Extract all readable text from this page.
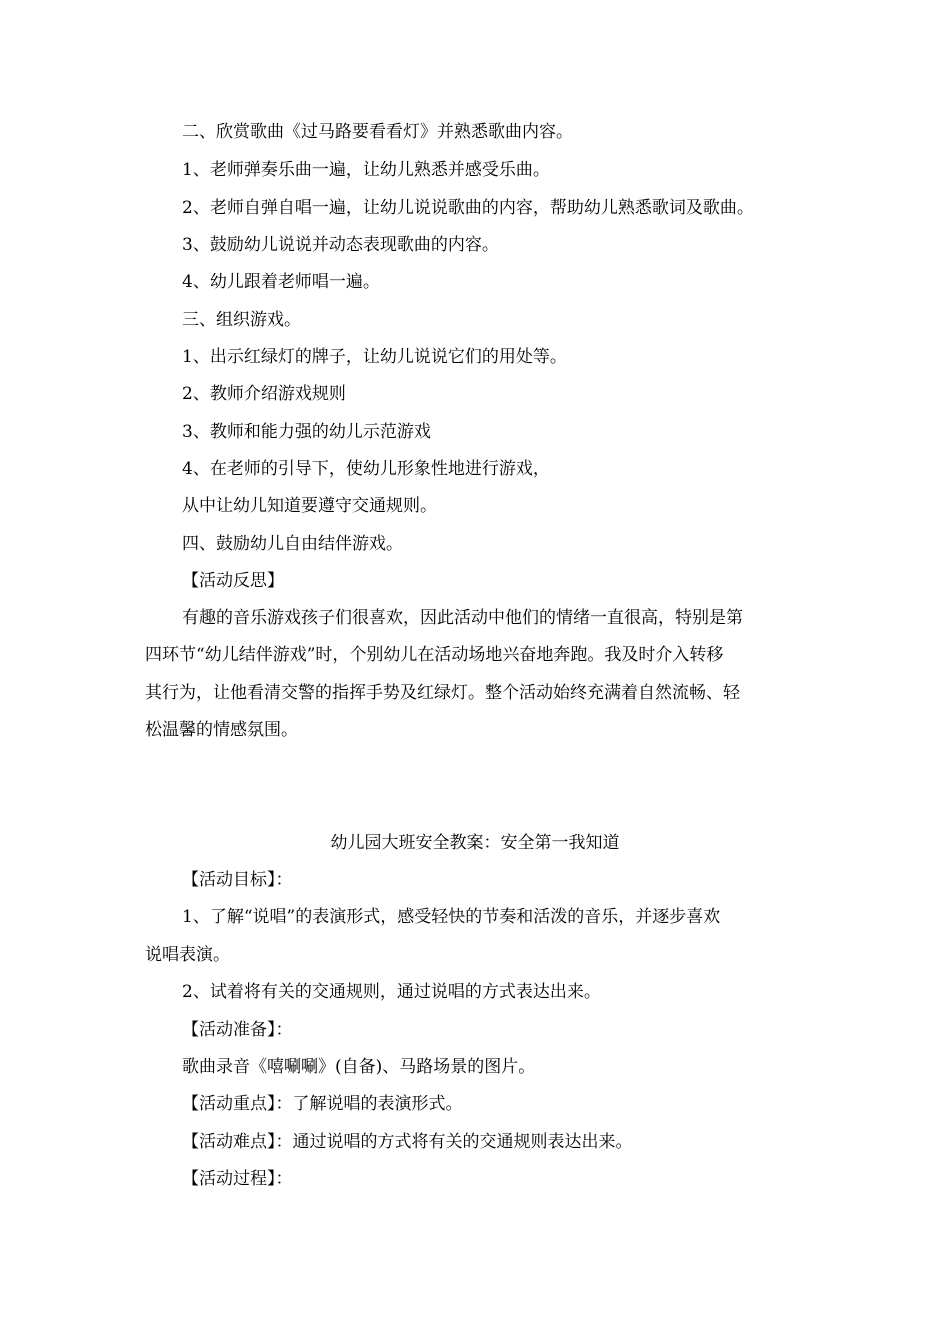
二、欣赏歌曲《过马路要看看灯》并熟悉歌曲内容。
1、老师弹奏乐曲一遍，让幼儿熟悉并感受乐曲。
2、老师自弹自唱一遍，让幼儿说说歌曲的内容，帮助幼儿熟悉歌词及歌曲。
3、鼓励幼儿说说并动态表现歌曲的内容。
4、幼儿跟着老师唱一遍。
三、组织游戏。
1、出示红绿灯的牌子，让幼儿说说它们的用处等。
2、教师介绍游戏规则
3、教师和能力强的幼儿示范游戏
4、在老师的引导下，使幼儿形象性地进行游戏，
从中让幼儿知道要遵守交通规则。
四、鼓励幼儿自由结伴游戏。
【活动反思】
有趣的音乐游戏孩子们很喜欢，因此活动中他们的情绪一直很高，特别是第
四环节“幼儿结伴游戏”时，个别幼儿在活动场地兴奋地奔跑。我及时介入转移
其行为，让他看清交警的指挥手势及红绿灯。整个活动始终充满着自然流畅、轻
松温馨的情感氛围。
幼儿园大班安全教案：安全第一我知道
【活动目标】：
1、了解“说唱”的表演形式，感受轻快的节奏和活泼的音乐，并逐步喜欢
说唱表演。
2、试着将有关的交通规则，通过说唱的方式表达出来。
【活动准备】：
歌曲录音《嘻唰唰》(自备)、马路场景的图片。
【活动重点】：了解说唱的表演形式。
【活动难点】：通过说唱的方式将有关的交通规则表达出来。
【活动过程】：
